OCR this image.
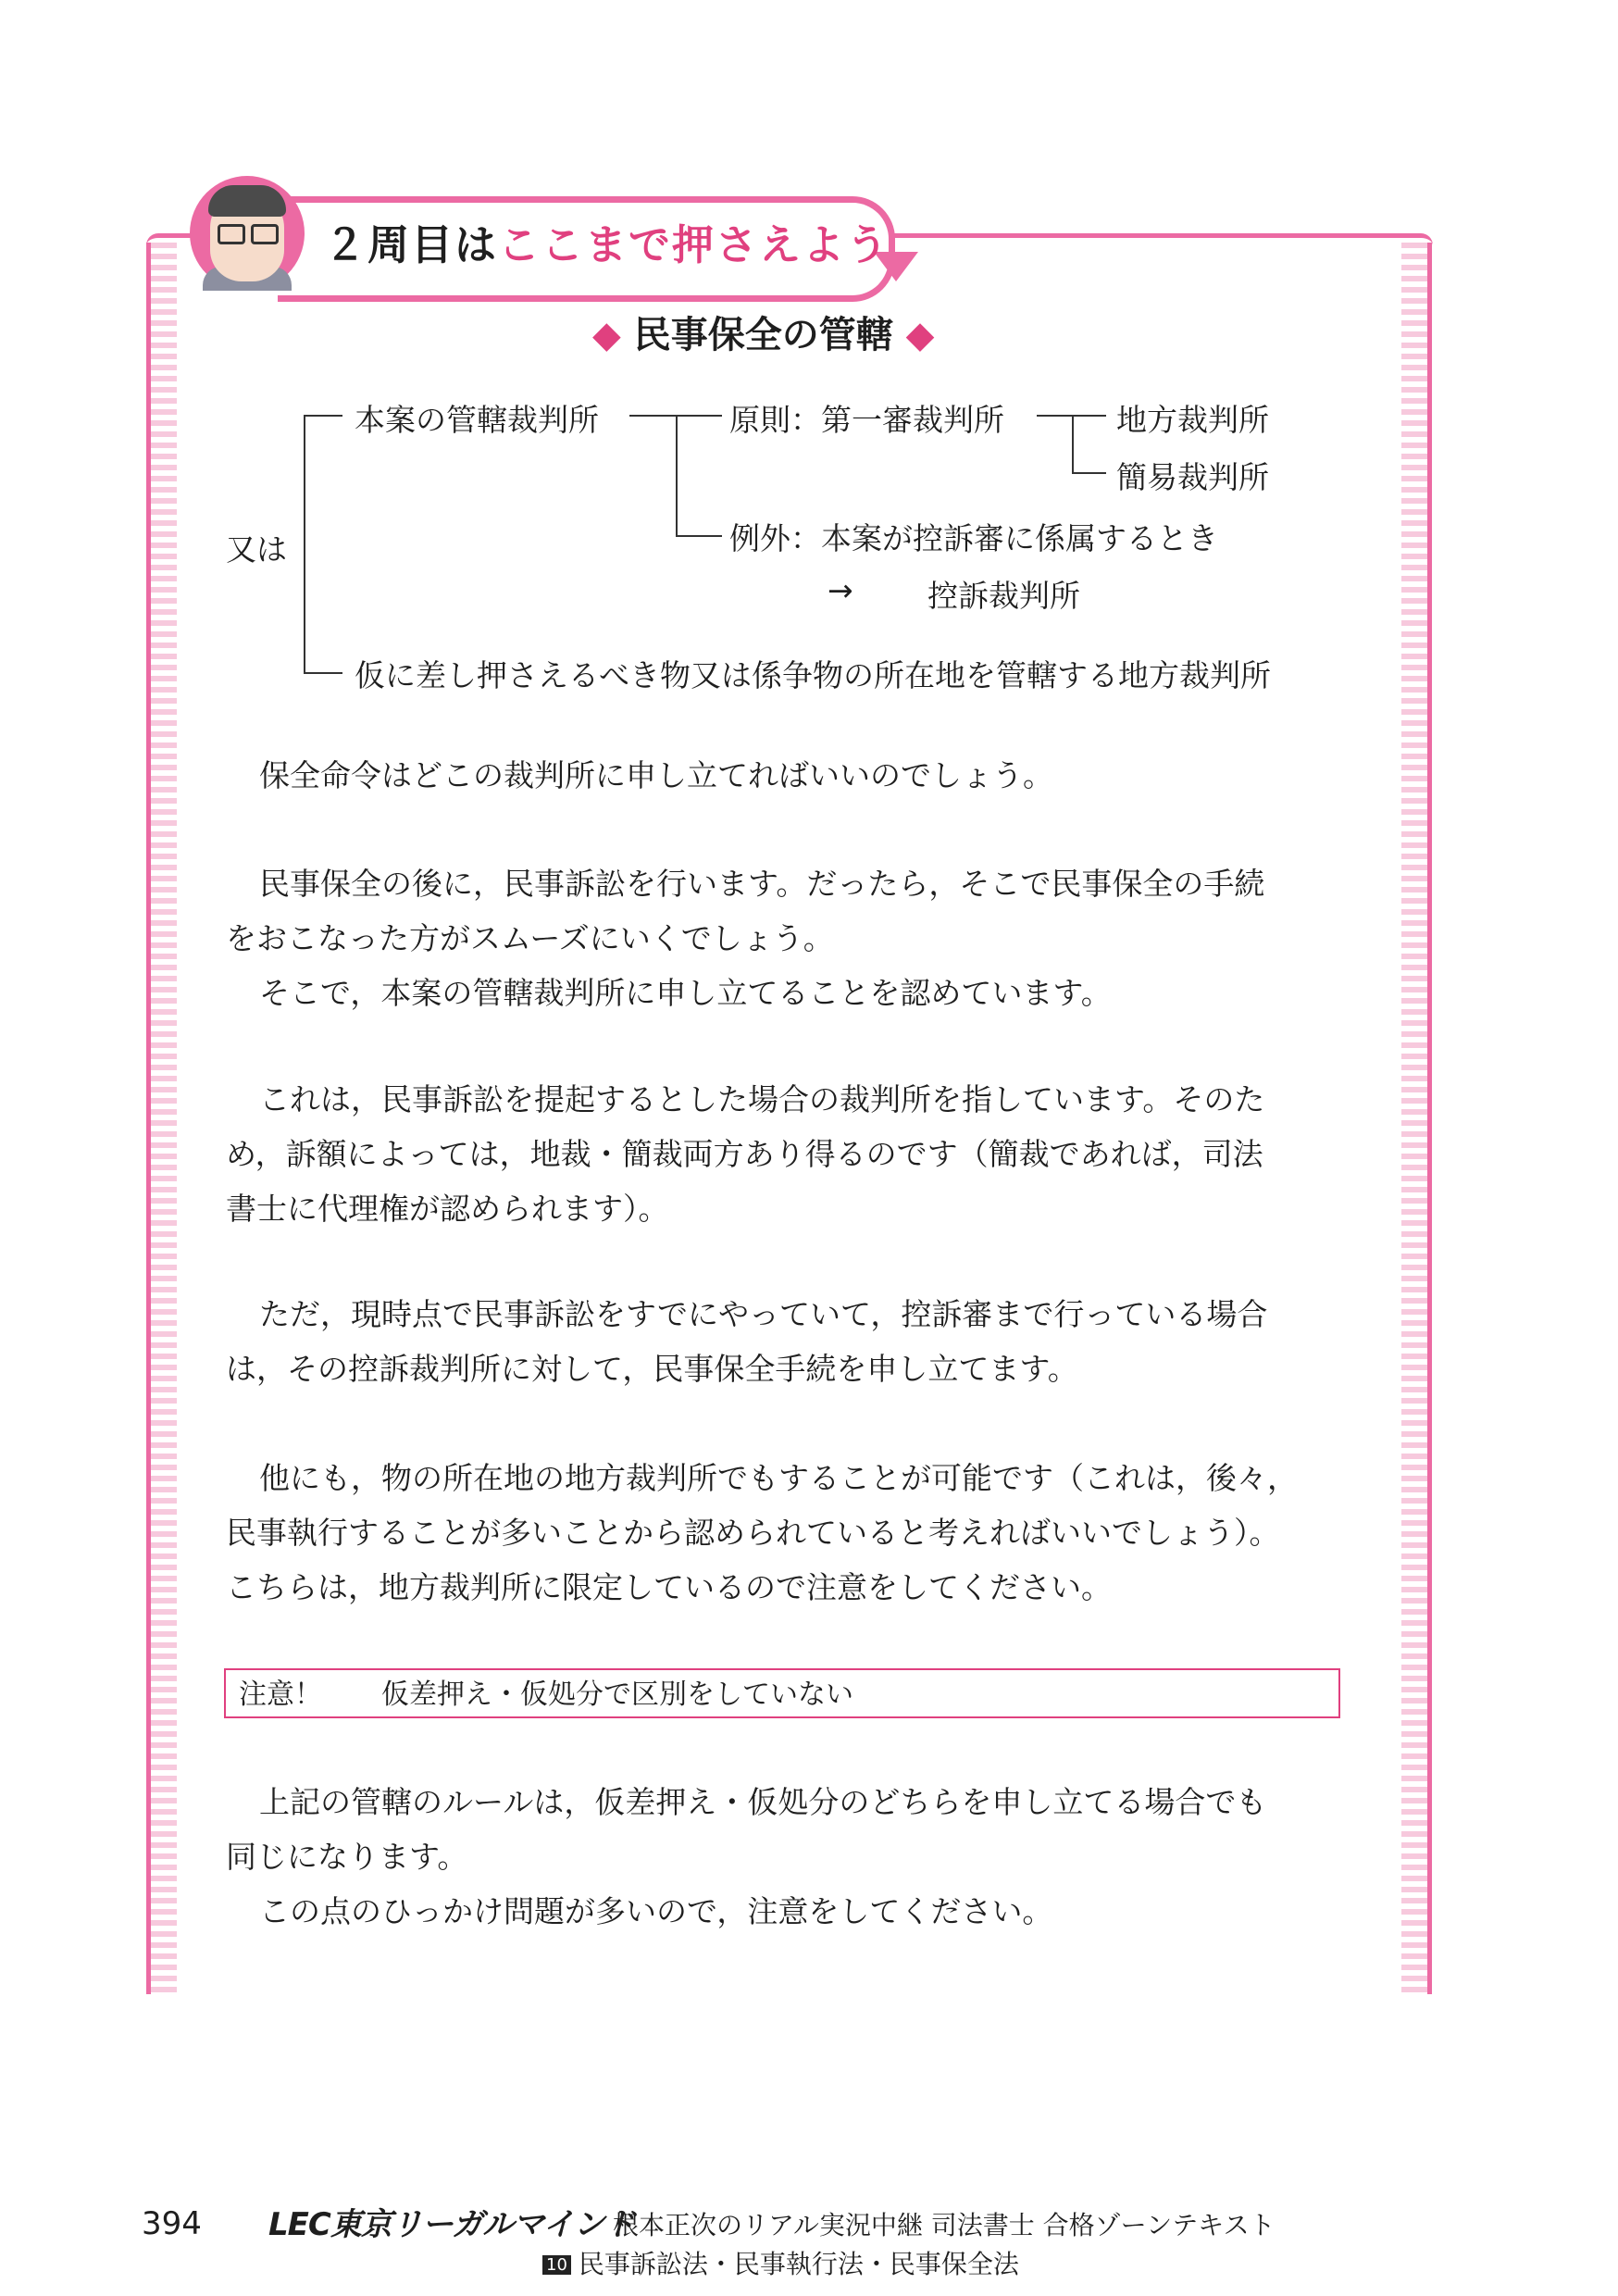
２周目はここまで押さえよう
◆ 民事保全の管轄 ◆
又は
本案の管轄裁判所	原則：第一審裁判所	地方裁判所
簡易裁判所
例外：本案が控訴審に係属するとき
→ 控訴裁判所
仮に差し押さえるべき物又は係争物の所在地を管轄する地方裁判所

保全命令はどこの裁判所に申し立てればいいのでしょう。

民事保全の後に，民事訴訟を行います。だったら，そこで民事保全の手続

をおこなった方がスムーズにいくでしょう。

そこで，本案の管轄裁判所に申し立てることを認めています。

これは，民事訴訟を提起するとした場合の裁判所を指しています。そのた

め，訴額によっては，地裁・簡裁両方あり得るのです（簡裁であれば，司法

書士に代理権が認められます）。

ただ，現時点で民事訴訟をすでにやっていて，控訴審まで行っている場合

は，その控訴裁判所に対して，民事保全手続を申し立てます。

他にも，物の所在地の地方裁判所でもすることが可能です（これは，後々，

民事執行することが多いことから認められていると考えればいいでしょう）。

こちらは，地方裁判所に限定しているので注意をしてください。

注意！ 仮差押え・仮処分で区別をしていない

上記の管轄のルールは，仮差押え・仮処分のどちらを申し立てる場合でも

同じになります。

この点のひっかけ問題が多いので，注意をしてください。

394 LEC東京リーガルマインド
根本正次のリアル実況中継 司法書士 合格ゾーンテキスト
10 民事訴訟法・民事執行法・民事保全法
